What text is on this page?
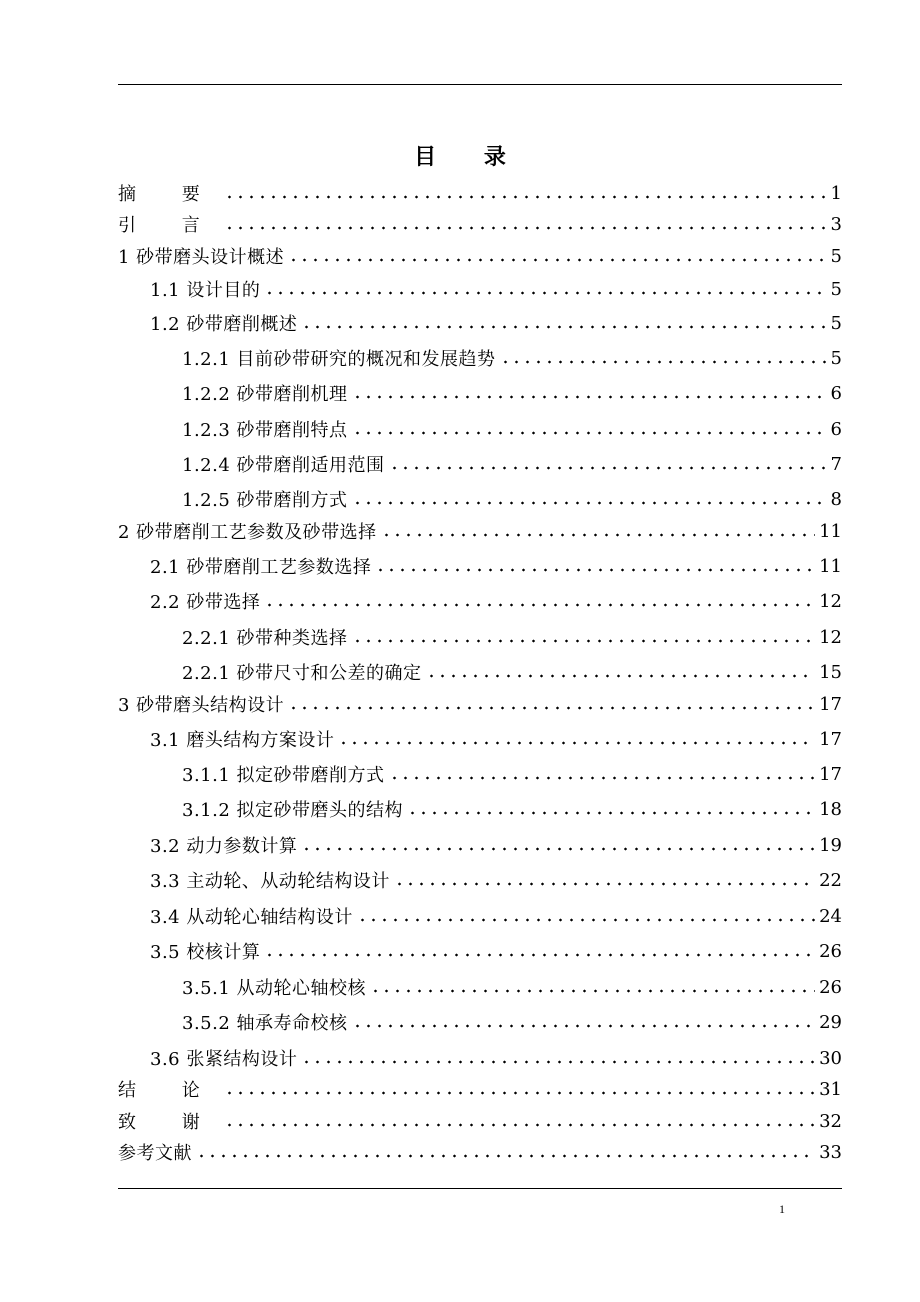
目 录
摘 要	1
引 言	3
1 砂带磨头设计概述	5
1.1 设计目的	5
1.2 砂带磨削概述	5
1.2.1 目前砂带研究的概况和发展趋势	5
1.2.2 砂带磨削机理	6
1.2.3 砂带磨削特点	6
1.2.4 砂带磨削适用范围	7
1.2.5 砂带磨削方式	8
2 砂带磨削工艺参数及砂带选择	11
2.1 砂带磨削工艺参数选择	11
2.2 砂带选择	12
2.2.1 砂带种类选择	12
2.2.1 砂带尺寸和公差的确定	15
3 砂带磨头结构设计	17
3.1 磨头结构方案设计	17
3.1.1 拟定砂带磨削方式	17
3.1.2 拟定砂带磨头的结构	18
3.2 动力参数计算	19
3.3 主动轮、从动轮结构设计	22
3.4 从动轮心轴结构设计	24
3.5 校核计算	26
3.5.1 从动轮心轴校核	26
3.5.2 轴承寿命校核	29
3.6 张紧结构设计	30
结 论	31
致 谢	32
参考文献	33
1
